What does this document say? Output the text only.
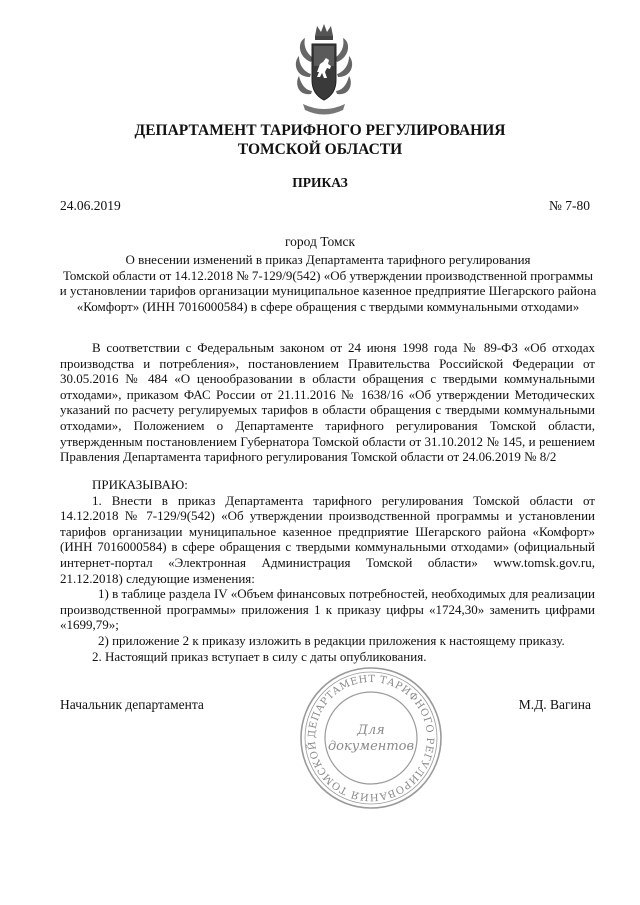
ДЕПАРТАМЕНТ ТАРИФНОГО РЕГУЛИРОВАНИЯ
ТОМСКОЙ ОБЛАСТИ
ПРИКАЗ
24.06.2019	№ 7-80
город Томск
О внесении изменений в приказ Департамента тарифного регулирования
Томской области от 14.12.2018 № 7-129/9(542) «Об утверждении производственной программы
и установлении тарифов организации муниципальное казенное предприятие Шегарского района
«Комфорт» (ИНН 7016000584) в сфере обращения с твердыми коммунальными отходами»
В соответствии с Федеральным законом от 24 июня 1998 года № 89-ФЗ «Об отходах производства и потребления», постановлением Правительства Российской Федерации от 30.05.2016 № 484 «О ценообразовании в области обращения с твердыми коммунальными отходами», приказом ФАС России от 21.11.2016 № 1638/16 «Об утверждении Методических указаний по расчету регулируемых тарифов в области обращения с твердыми коммунальными отходами», Положением о Департаменте тарифного регулирования Томской области, утвержденным постановлением Губернатора Томской области от 31.10.2012 № 145, и решением Правления Департамента тарифного регулирования Томской области от 24.06.2019 № 8/2
ПРИКАЗЫВАЮ:
1. Внести в приказ Департамента тарифного регулирования Томской области от 14.12.2018 № 7-129/9(542) «Об утверждении производственной программы и установлении тарифов организации муниципальное казенное предприятие Шегарского района «Комфорт» (ИНН 7016000584) в сфере обращения с твердыми коммунальными отходами» (официальный интернет-портал «Электронная Администрация Томской области» www.tomsk.gov.ru, 21.12.2018) следующие изменения:
1) в таблице раздела IV «Объем финансовых потребностей, необходимых для реализации производственной программы» приложения 1 к приказу цифры «1724,30» заменить цифрами «1699,79»;
2) приложение 2 к приказу изложить в редакции приложения к настоящему приказу.
2. Настоящий приказ вступает в силу с даты опубликования.
Начальник департамента	М.Д. Вагина
ДЕПАРТАМЕНТ ТАРИФНОГО РЕГУЛИРОВАНИЯ ТОМСКОЙ
Для
документов
